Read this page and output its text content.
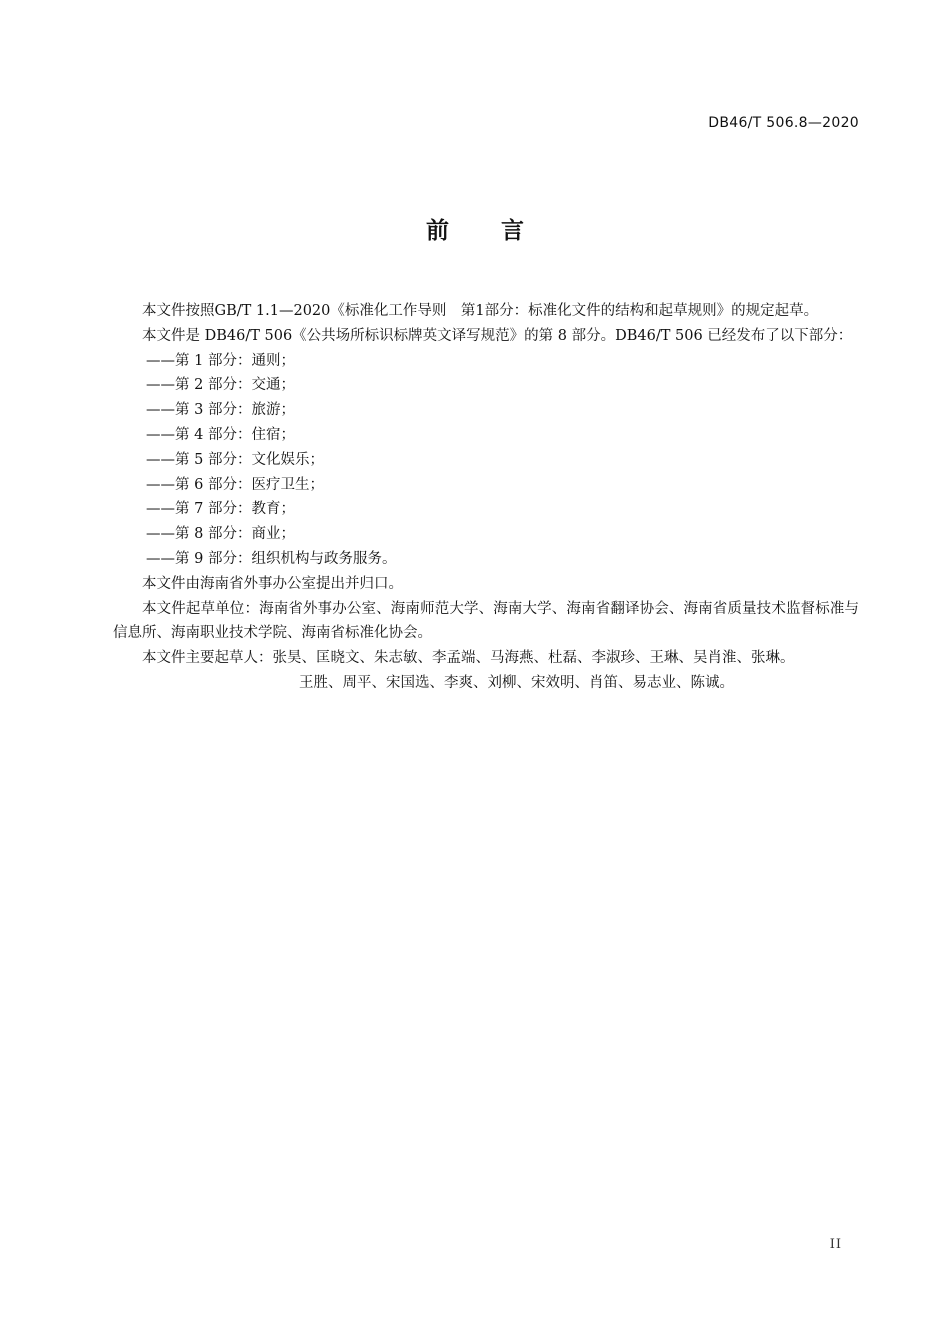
DB46/T 506.8—2020
前言

本文件按照GB/T 1.1—2020《标准化工作导则　第1部分：标准化文件的结构和起草规则》的规定起草。

本文件是 DB46/T 506《公共场所标识标牌英文译写规范》的第 8 部分。DB46/T 506 已经发布了以下部分：

——第 1 部分：通则；

——第 2 部分：交通；

——第 3 部分：旅游；

——第 4 部分：住宿；

——第 5 部分：文化娱乐；

——第 6 部分：医疗卫生；

——第 7 部分：教育；

——第 8 部分：商业；

——第 9 部分：组织机构与政务服务。

本文件由海南省外事办公室提出并归口。

本文件起草单位：海南省外事办公室、海南师范大学、海南大学、海南省翻译协会、海南省质量技术监督标准与信息所、海南职业技术学院、海南省标准化协会。

本文件主要起草人：张昊、匡晓文、朱志敏、李孟端、马海燕、杜磊、李淑珍、王琳、吴肖淮、张琳。

王胜、周平、宋国选、李爽、刘柳、宋效明、肖笛、易志业、陈诚。

II
